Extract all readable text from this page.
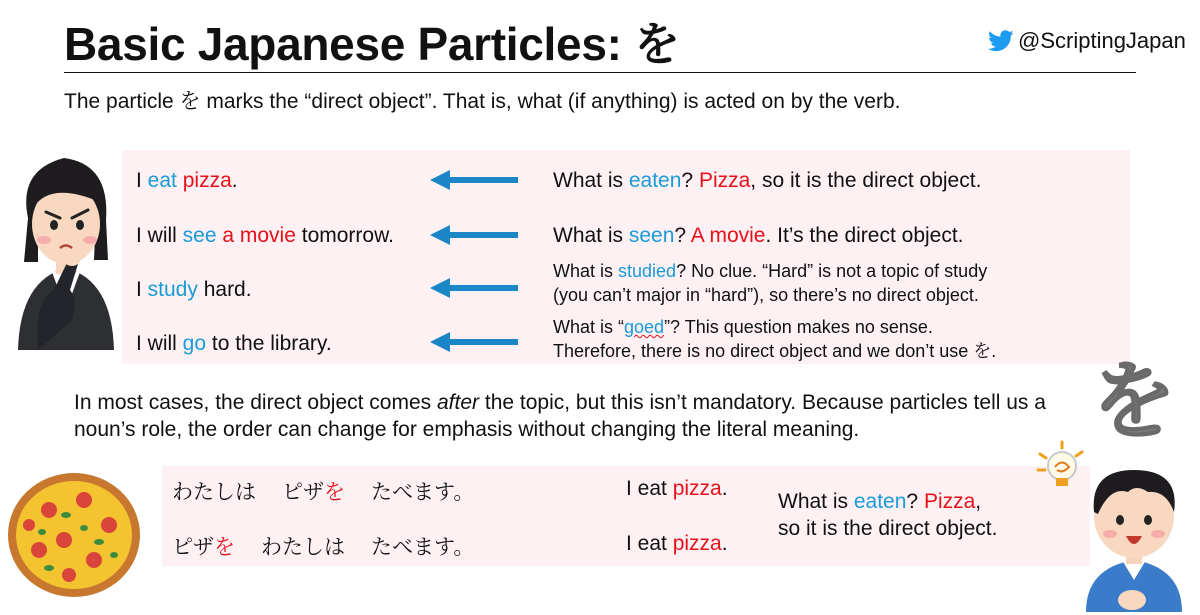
Basic Japanese Particles: を	@ScriptingJapan
The particle を marks the “direct object”. That is, what (if anything) is acted on by the verb.
I eat pizza.
I will see a movie tomorrow.
I study hard.
I will go to the library.
What is eaten? Pizza, so it is the direct object.
What is seen? A movie. It’s the direct object.
What is studied? No clue. “Hard” is not a topic of study
(you can’t major in “hard”), so there’s no direct object.
What is “goed”? This question makes no sense.
Therefore, there is no direct object and we don’t use を.
を
In most cases, the direct object comes after the topic, but this isn’t mandatory. Because particles tell us a noun’s role, the order can change for emphasis without changing the literal meaning.
わたしは ピザを たべます。
ピザを わたしは たべます。
I eat pizza.
I eat pizza.
What is eaten? Pizza,
so it is the direct object.
